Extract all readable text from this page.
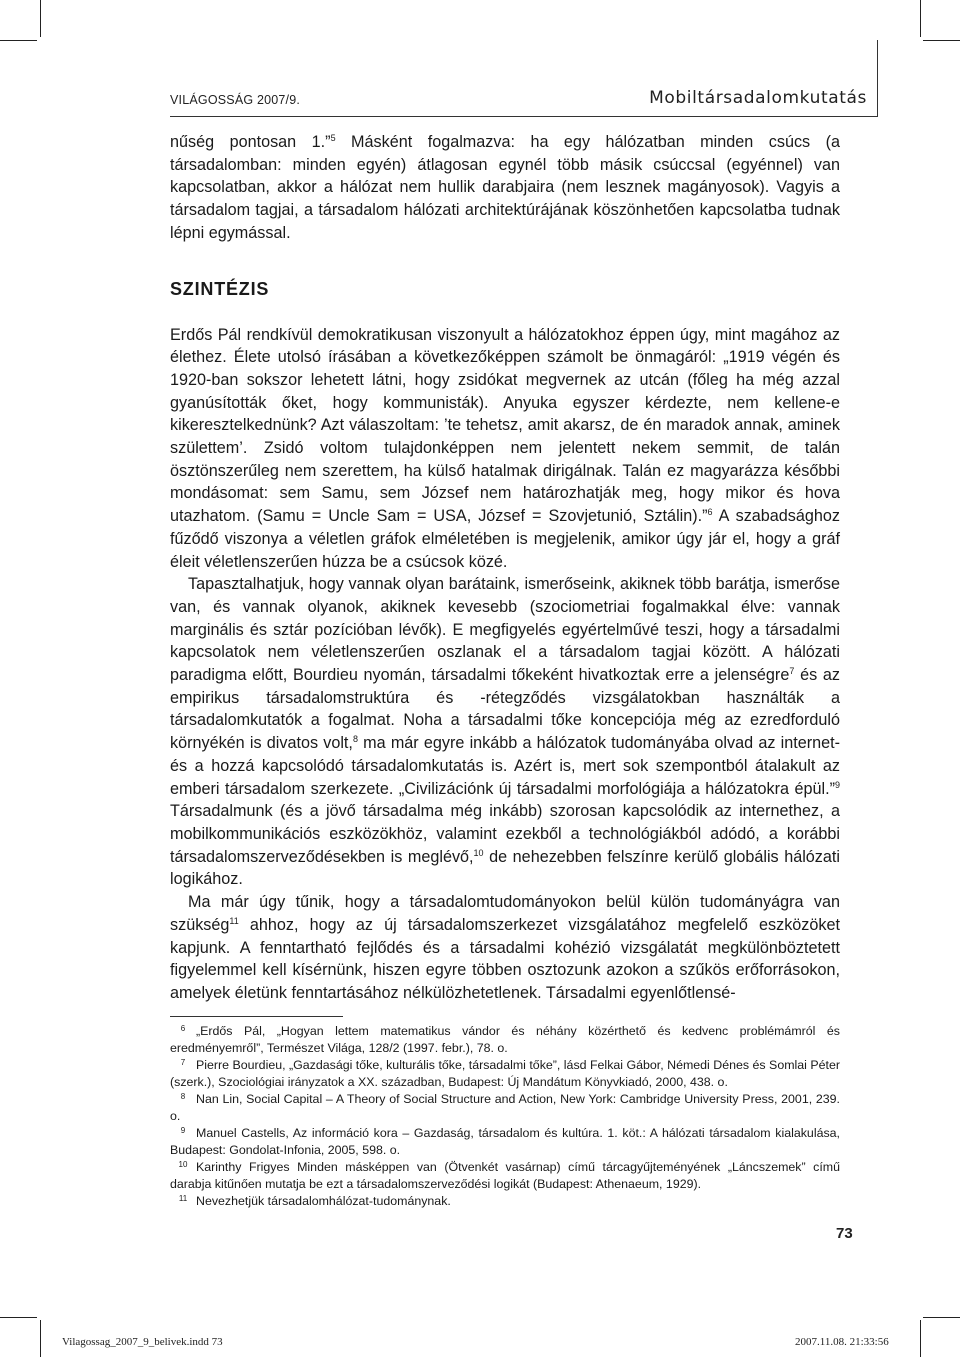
VILÁGOSSÁG 2007/9.	Mobiltársadalomkutatás

nűség pontosan 1.”$^5$ Másként fogalmazva: ha egy hálózatban minden csúcs (a társadalomban: minden egyén) átlagosan egynél több másik csúccsal (egyénnel) van kapcsolatban, akkor a hálózat nem hullik darabjaira (nem lesznek magányosok). Vagyis a társadalom tagjai, a társadalom hálózati architektúrájának köszönhetően kapcsolatba tudnak lépni egymással.

SZINTÉZIS

Erdős Pál rendkívül demokratikusan viszonyult a hálózatokhoz éppen úgy, mint magához az élethez. Élete utolsó írásában a következőképpen számolt be önmagáról: „1919 végén és 1920-ban sokszor lehetett látni, hogy zsidókat megvernek az utcán (főleg ha még azzal gyanúsították őket, hogy kommunisták). Anyuka egyszer kérdezte, nem kellene-e kikeresztelkednünk? Azt válaszoltam: ’te tehetsz, amit akarsz, de én maradok annak, aminek születtem’. Zsidó voltom tulajdonképpen nem jelentett nekem semmit, de talán ösztönszerűleg nem szerettem, ha külső hatalmak dirigálnak. Talán ez magyarázza későbbi mondásomat: sem Samu, sem József nem határozhatják meg, hogy mikor és hova utazhatom. (Samu = Uncle Sam = USA, József = Szovjetunió, Sztálin).”$^6$ A szabadsághoz fűződő viszonya a véletlen gráfok elméletében is megjelenik, amikor úgy jár el, hogy a gráf éleit véletlenszerűen húzza be a csúcsok közé.

Tapasztalhatjuk, hogy vannak olyan barátaink, ismerőseink, akiknek több barátja, ismerőse van, és vannak olyanok, akiknek kevesebb (szociometriai fogalmakkal élve: vannak marginális és sztár pozícióban lévők). E megfigyelés egyértelművé teszi, hogy a társadalmi kapcsolatok nem véletlenszerűen oszlanak el a társadalom tagjai között. A hálózati paradigma előtt, Bourdieu nyomán, társadalmi tőkeként hivatkoztak erre a jelenségre$^7$ és az empirikus társadalomstruktúra és -rétegződés vizsgálatokban használták a társadalomkutatók a fogalmat. Noha a társadalmi tőke koncepciója még az ezredforduló környékén is divatos volt,$^8$ ma már egyre inkább a hálózatok tudományába olvad az internet- és a hozzá kapcsolódó társadalomkutatás is. Azért is, mert sok szempontból átalakult az emberi társadalom szerkezete. „Civilizációnk új társadalmi morfológiája a hálózatokra épül.”$^9$ Társadalmunk (és a jövő társadalma még inkább) szorosan kapcsolódik az internethez, a mobilkommunikációs eszközökhöz, valamint ezekből a technológiákból adódó, a korábbi társadalomszerveződésekben is meglévő,$^{10}$ de nehezebben felszínre kerülő globális hálózati logikához.

Ma már úgy tűnik, hogy a társadalomtudományokon belül külön tudományágra van szükség$^{11}$ ahhoz, hogy az új társadalomszerkezet vizsgálatához megfelelő eszközöket kapjunk. A fenntartható fejlődés és a társadalmi kohézió vizsgálatát megkülönböztetett figyelemmel kell kísérnünk, hiszen egyre többen osztozunk azokon a szűkös erőforrásokon, amelyek életünk fenntartásához nélkülözhetetlenek. Társadalmi egyenlőtlensé-

6 „Erdős Pál, „Hogyan lettem matematikus vándor és néhány közérthető és kedvenc problémámról és eredményemről”, Természet Világa, 128/2 (1997. febr.), 78. o.
7 Pierre Bourdieu, „Gazdasági tőke, kulturális tőke, társadalmi tőke”, lásd Felkai Gábor, Némedi Dénes és Somlai Péter (szerk.), Szociológiai irányzatok a XX. században, Budapest: Új Mandátum Könyvkiadó, 2000, 438. o.
8 Nan Lin, Social Capital – A Theory of Social Structure and Action, New York: Cambridge University Press, 2001, 239. o.
9 Manuel Castells, Az információ kora – Gazdaság, társadalom és kultúra. 1. köt.: A hálózati társadalom kialakulása, Budapest: Gondolat-Infonia, 2005, 598. o.
10 Karinthy Frigyes Minden másképpen van (Ötvenkét vasárnap) című tárcagyűjteményének „Láncszemek” című darabja kitűnően mutatja be ezt a társadalomszerveződési logikát (Budapest: Athenaeum, 1929).
11 Nevezhetjük társadalomhálózat-tudománynak.
73
Vilagossag_2007_9_belivek.indd 73	2007.11.08. 21:33:56
